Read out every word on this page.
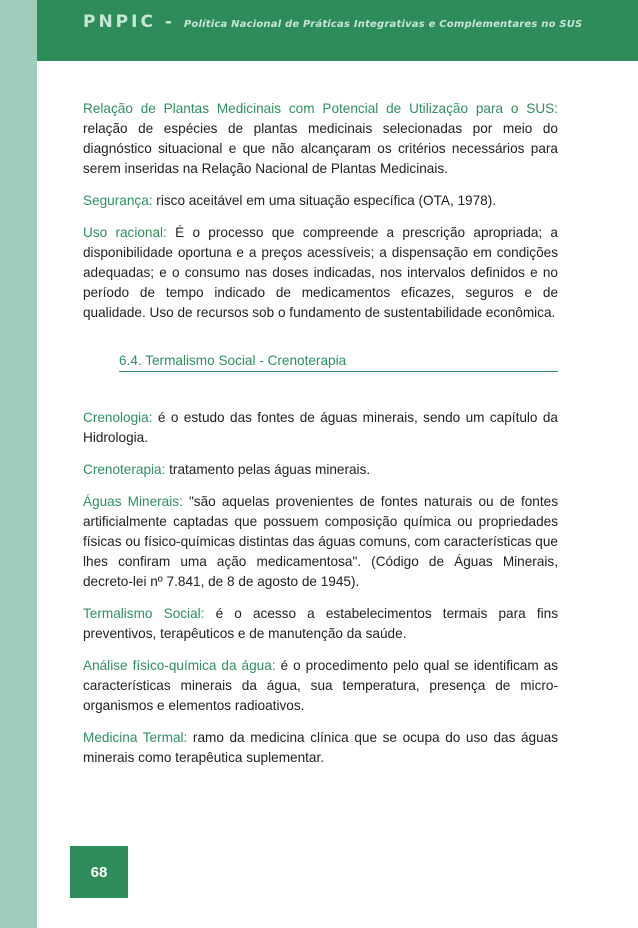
PNPIC - Política Nacional de Práticas Integrativas e Complementares no SUS

Relação de Plantas Medicinais com Potencial de Utilização para o SUS: relação de espécies de plantas medicinais selecionadas por meio do diagnóstico situacional e que não alcançaram os critérios necessários para serem inseridas na Relação Nacional de Plantas Medicinais.

Segurança: risco aceitável em uma situação específica (OTA, 1978).

Uso racional: É o processo que compreende a prescrição apropriada; a disponibilidade oportuna e a preços acessíveis; a dispensação em condições adequadas; e o consumo nas doses indicadas, nos intervalos definidos e no período de tempo indicado de medicamentos eficazes, seguros e de qualidade. Uso de recursos sob o fundamento de sustentabilidade econômica.

6.4. Termalismo Social - Crenoterapia

Crenologia: é o estudo das fontes de águas minerais, sendo um capítulo da Hidrologia.

Crenoterapia: tratamento pelas águas minerais.

Águas Minerais: "são aquelas provenientes de fontes naturais ou de fontes artificialmente captadas que possuem composição química ou propriedades físicas ou físico-químicas distintas das águas comuns, com características que lhes confiram uma ação medicamentosa". (Código de Águas Minerais, decreto-lei nº 7.841, de 8 de agosto de 1945).

Termalismo Social: é o acesso a estabelecimentos termais para fins preventivos, terapêuticos e de manutenção da saúde.

Análise físico-química da água: é o procedimento pelo qual se identificam as características minerais da água, sua temperatura, presença de micro-organismos e elementos radioativos.

Medicina Termal: ramo da medicina clínica que se ocupa do uso das águas minerais como terapêutica suplementar.

68
